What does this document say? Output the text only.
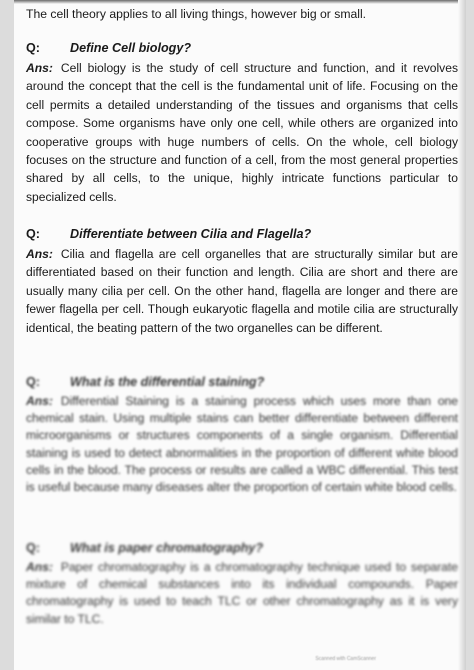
The cell theory applies to all living things, however big or small.
Q:	Define Cell biology?
Ans: Cell biology is the study of cell structure and function, and it revolves around the concept that the cell is the fundamental unit of life. Focusing on the cell permits a detailed understanding of the tissues and organisms that cells compose. Some organisms have only one cell, while others are organized into cooperative groups with huge numbers of cells. On the whole, cell biology focuses on the structure and function of a cell, from the most general properties shared by all cells, to the unique, highly intricate functions particular to specialized cells.
Q:	Differentiate between Cilia and Flagella?
Ans: Cilia and flagella are cell organelles that are structurally similar but are differentiated based on their function and length. Cilia are short and there are usually many cilia per cell. On the other hand, flagella are longer and there are fewer flagella per cell. Though eukaryotic flagella and motile cilia are structurally identical, the beating pattern of the two organelles can be different.
Q:	What is the differential staining?
Ans: Differential Staining is a staining process which uses more than one chemical stain. Using multiple stains can better differentiate between different microorganisms or structures components of a single organism. Differential staining is used to detect abnormalities in the proportion of different white blood cells in the blood. The process or results are called a WBC differential. This test is useful because many diseases alter the proportion of certain white blood cells.
Q:	What is paper chromatography?
Ans: Paper chromatography is a chromatography technique used to separate mixture of chemical substances into its individual compounds. Paper chromatography is used to teach TLC or other chromatography as it is very similar to TLC.
Scanned with CamScanner
